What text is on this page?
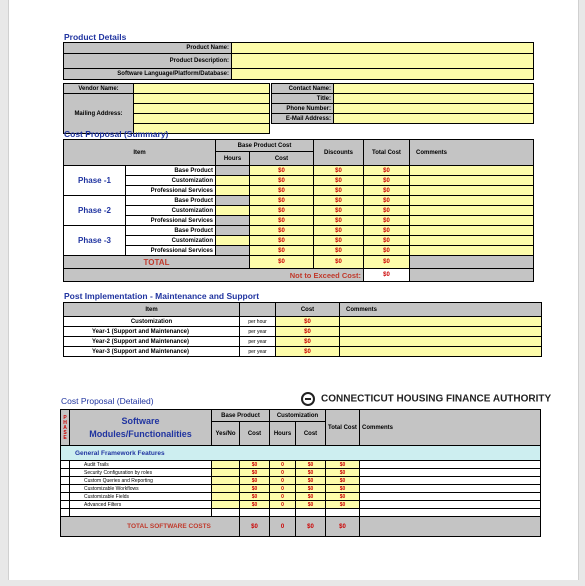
Product Details
Product Name:	
Product Description:	
Software Language/Platform/Database:	
Vendor Name:	
Mailing Address:	

Contact Name:	
Title:	
Phone Number:	
E-Mail Address:	
Cost Proposal (Summary)
Item		Base Product Cost		Discounts	Total Cost	Comments
		Hours	Cost			
Phase -1	Base Product		$0	$0	$0	
	Customization		$0	$0	$0	
	Professional Services		$0	$0	$0	
Phase -2	Base Product		$0	$0	$0	
	Customization		$0	$0	$0	
	Professional Services		$0	$0	$0	
Phase -3	Base Product		$0	$0	$0	
	Customization		$0	$0	$0	
	Professional Services		$0	$0	$0	
TOTAL			$0	$0	$0	
Not to Exceed Cost:					$0	
Post Implementation - Maintenance and Support
Item		Cost	Comments
Customization	per hour	$0	
Year-1 (Support and Maintenance)	per year	$0	
Year-2 (Support and Maintenance)	per year	$0	
Year-3 (Support and Maintenance)	per year	$0	
Cost Proposal (Detailed)	CONNECTICUT HOUSING FINANCE AUTHORITY
PHASE	Software Modules/Functionalities	Base Product		Customization		Total Cost	Comments
		Yes/No	Cost	Hours	Cost		
General Framework Features							
	Audit Trails		$0	0	$0	$0	
	Security Configuration by roles		$0	0	$0	$0	
	Custom Queries and Reporting		$0	0	$0	$0	
	Customizable Workflows		$0	0	$0	$0	
	Customizable Fields		$0	0	$0	$0	
	Advanced Filters		$0	0	$0	$0	

TOTAL SOFTWARE COSTS			$0	0	$0	$0	
